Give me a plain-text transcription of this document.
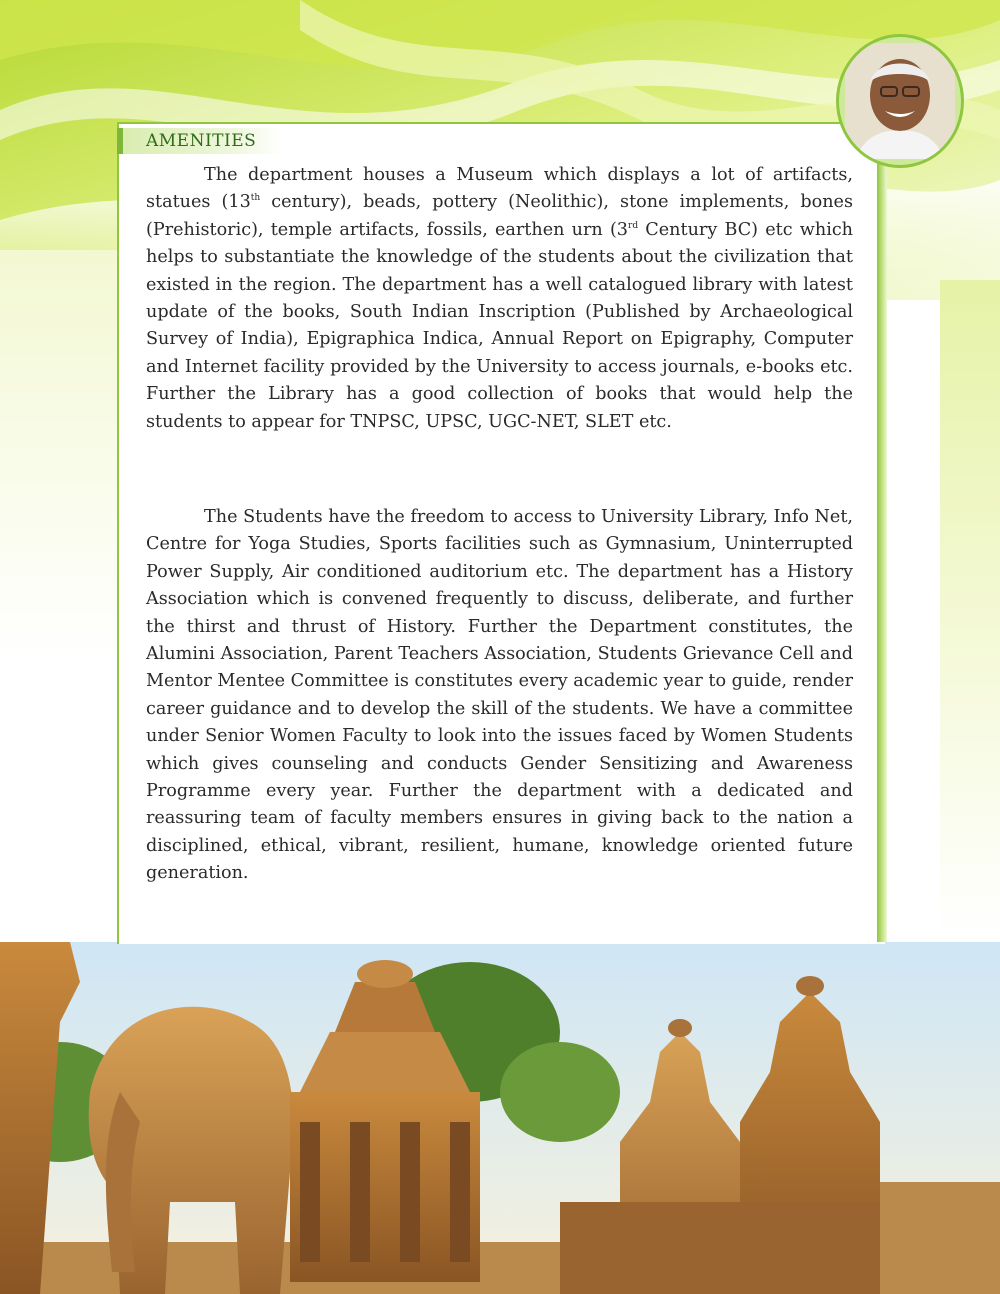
AMENITIES

The department houses a Museum which displays a lot of artifacts, statues (13th century), beads, pottery (Neolithic), stone implements, bones (Prehistoric), temple artifacts, fossils, earthen urn (3rd Century BC) etc which helps to substantiate the knowledge of the students about the civilization that existed in the region. The department has a well catalogued library with latest update of the books, South Indian Inscription (Published by Archaeological Survey of India), Epigraphica Indica, Annual Report on Epigraphy, Computer and Internet facility provided by the University to access journals, e-books etc. Further the Library has a good collection of books that would help the students to appear for TNPSC, UPSC, UGC-NET, SLET etc.

The Students have the freedom to access to University Library, Info Net, Centre for Yoga Studies, Sports facilities such as Gymnasium, Uninterrupted Power Supply, Air conditioned auditorium etc. The department has a History Association which is convened frequently to discuss, deliberate, and further the thirst and thrust of History. Further the Department constitutes, the Alumini Association, Parent Teachers Association, Students Grievance Cell and Mentor Mentee Committee is constitutes every academic year to guide, render career guidance and to develop the skill of the students. We have a committee under Senior Women Faculty to look into the issues faced by Women Students which gives counseling and conducts Gender Sensitizing and Awareness Programme every year. Further the department with a dedicated and reassuring team of faculty members ensures in giving back to the nation a disciplined, ethical, vibrant, resilient, humane, knowledge oriented future generation.
